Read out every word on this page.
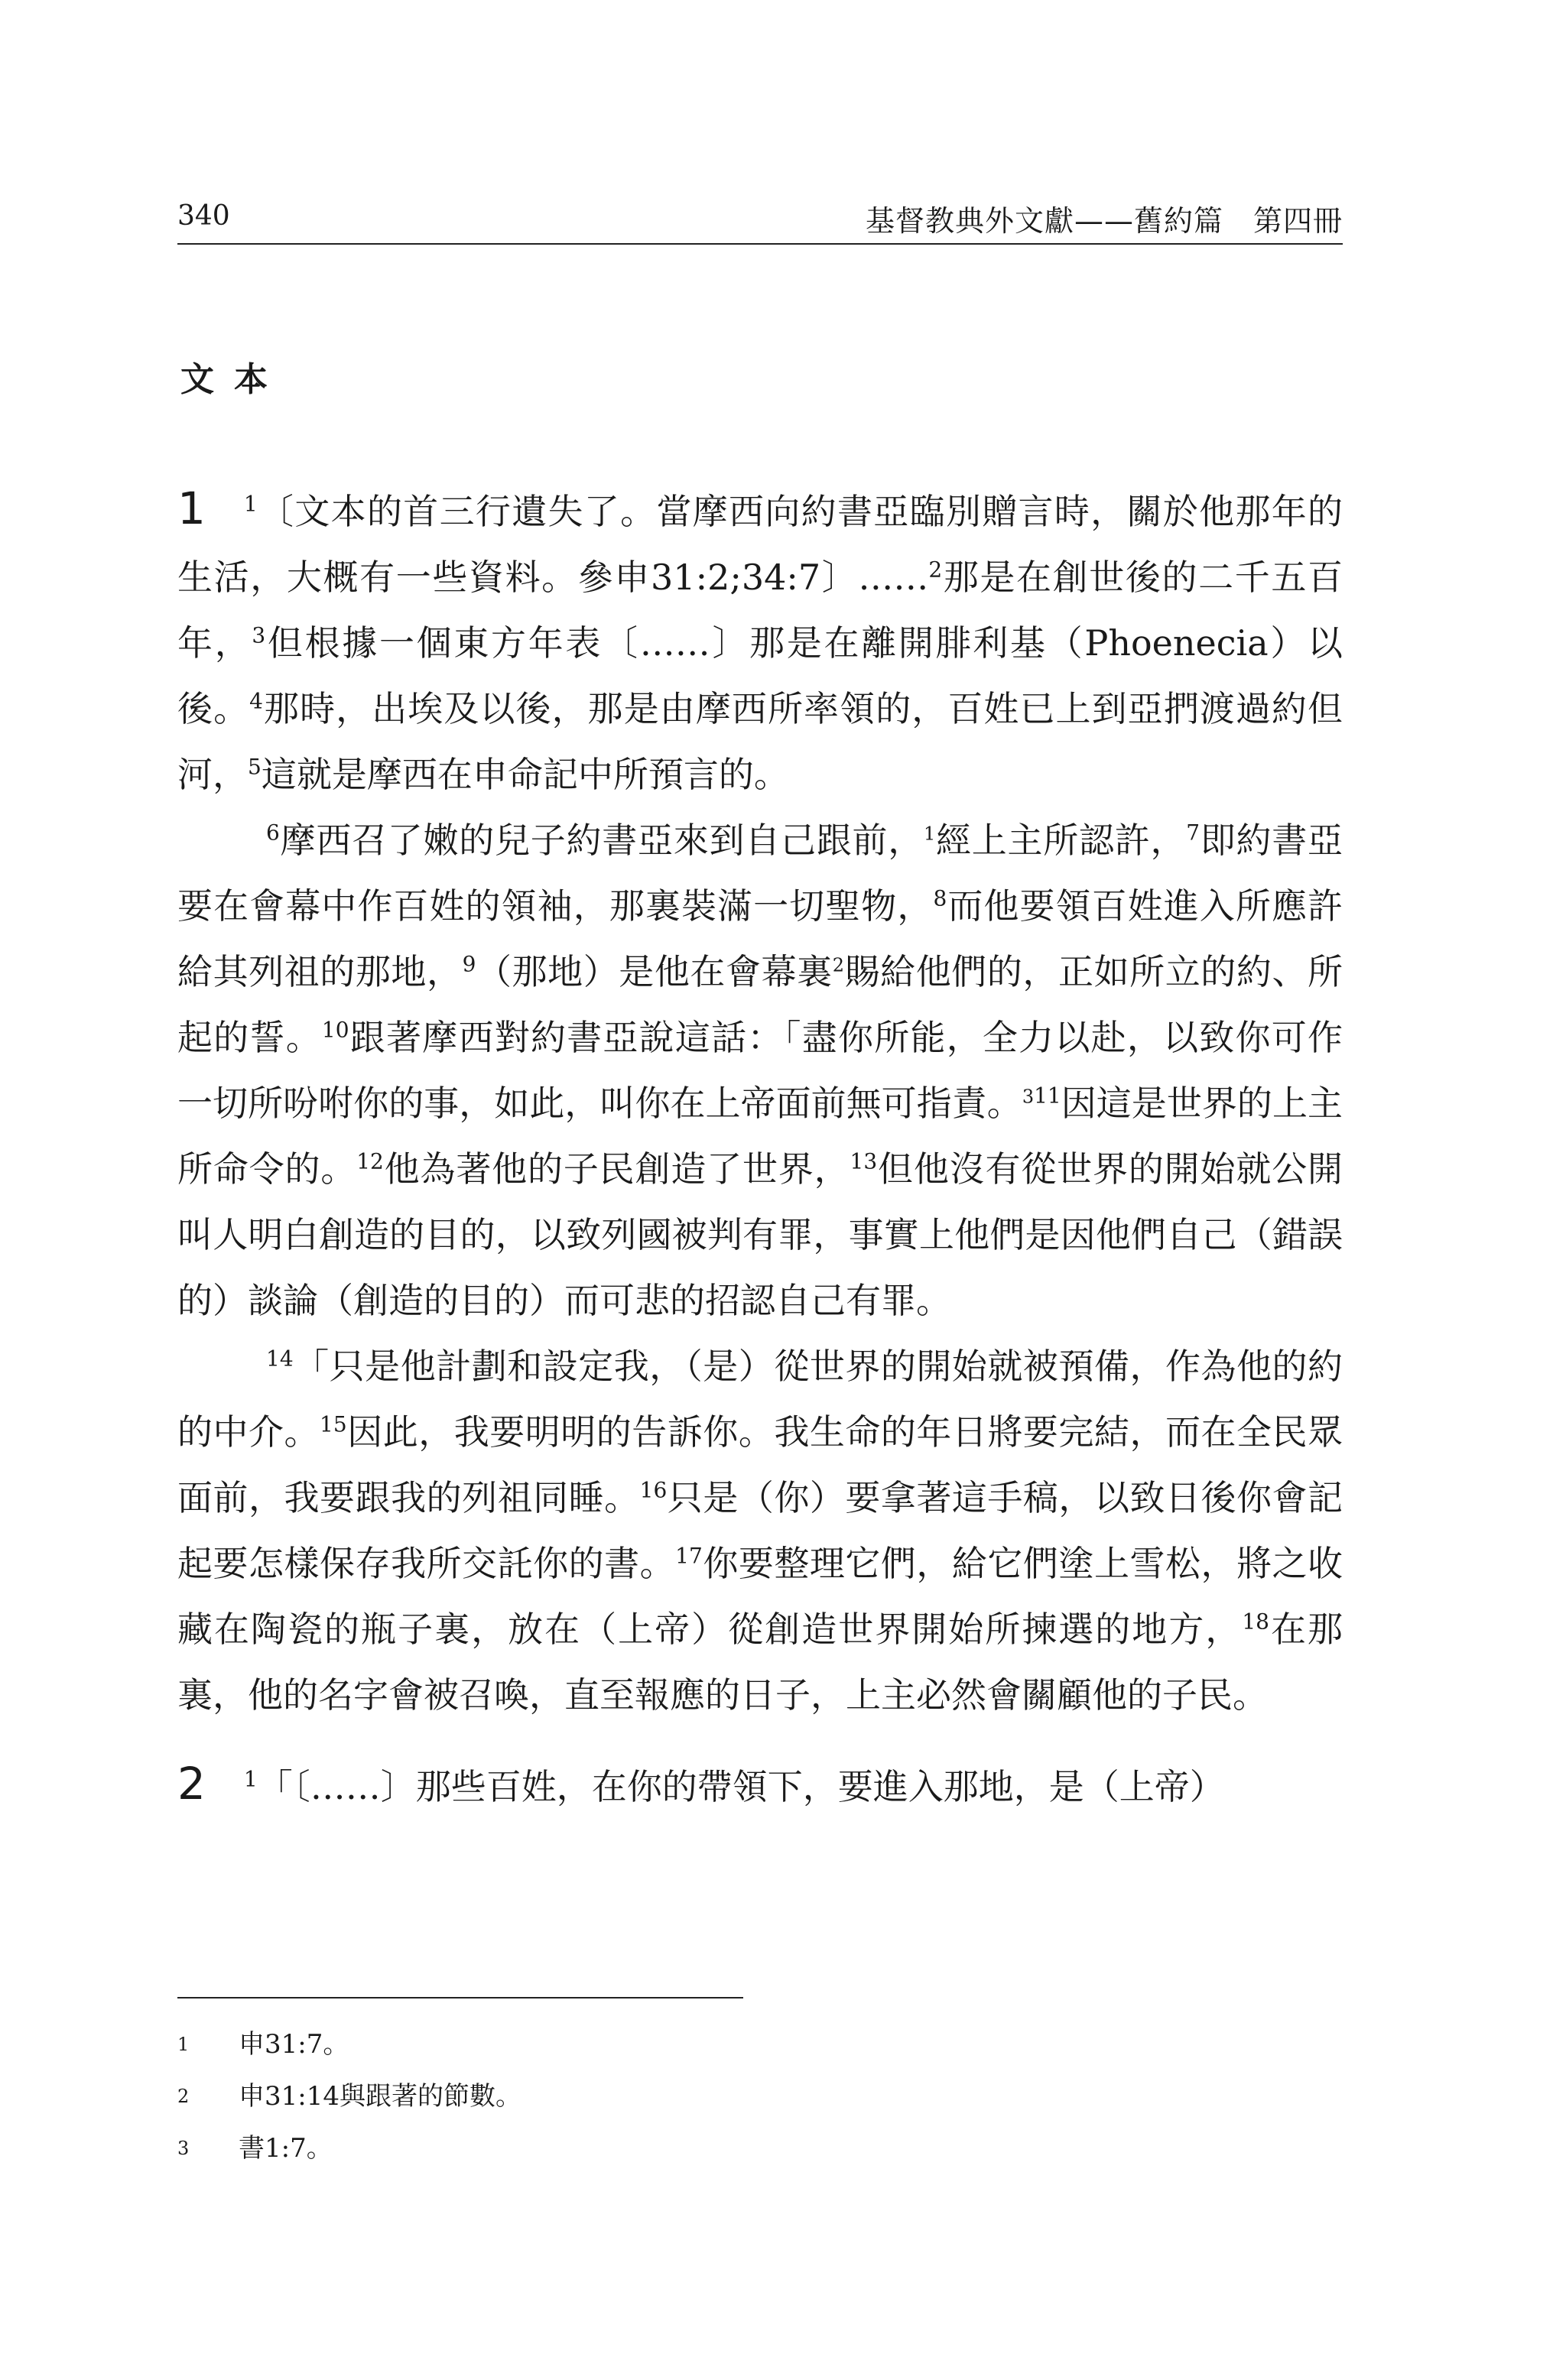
340	基督教典外文獻——舊約篇　第四冊
文本

1 $^1$〔文本的首三行遺失了。當摩西向約書亞臨別贈言時，關於他那年的生活，大概有一些資料。參申31:2;34:7〕……$^2$那是在創世後的二千五百年，$^3$但根據一個東方年表〔……〕那是在離開腓利基（Phoenecia）以後。$^4$那時，出埃及以後，那是由摩西所率領的，百姓已上到亞捫渡過約但河，$^5$這就是摩西在申命記中所預言的。

$^6$摩西召了嫩的兒子約書亞來到自己跟前，$^1$經上主所認許，$^7$即約書亞要在會幕中作百姓的領袖，那裏裝滿一切聖物，$^8$而他要領百姓進入所應許給其列祖的那地，$^9$（那地）是他在會幕裏$^2$賜給他們的，正如所立的約、所起的誓。$^{10}$跟著摩西對約書亞說這話：「盡你所能，全力以赴，以致你可作一切所吩咐你的事，如此，叫你在上帝面前無可指責。$^{311}$因這是世界的上主所命令的。$^{12}$他為著他的子民創造了世界，$^{13}$但他沒有從世界的開始就公開叫人明白創造的目的，以致列國被判有罪，事實上他們是因他們自己（錯誤的）談論（創造的目的）而可悲的招認自己有罪。

$^{14}$「只是他計劃和設定我，（是）從世界的開始就被預備，作為他的約的中介。$^{15}$因此，我要明明的告訴你。我生命的年日將要完結，而在全民眾面前，我要跟我的列祖同睡。$^{16}$只是（你）要拿著這手稿，以致日後你會記起要怎樣保存我所交託你的書。$^{17}$你要整理它們，給它們塗上雪松，將之收藏在陶瓷的瓶子裏，放在（上帝）從創造世界開始所揀選的地方，$^{18}$在那裏，他的名字會被召喚，直至報應的日子，上主必然會關顧他的子民。

2 $^1$「〔……〕那些百姓，在你的帶領下，要進入那地，是（上帝）

1 申31:7。
2 申31:14與跟著的節數。
3 書1:7。
